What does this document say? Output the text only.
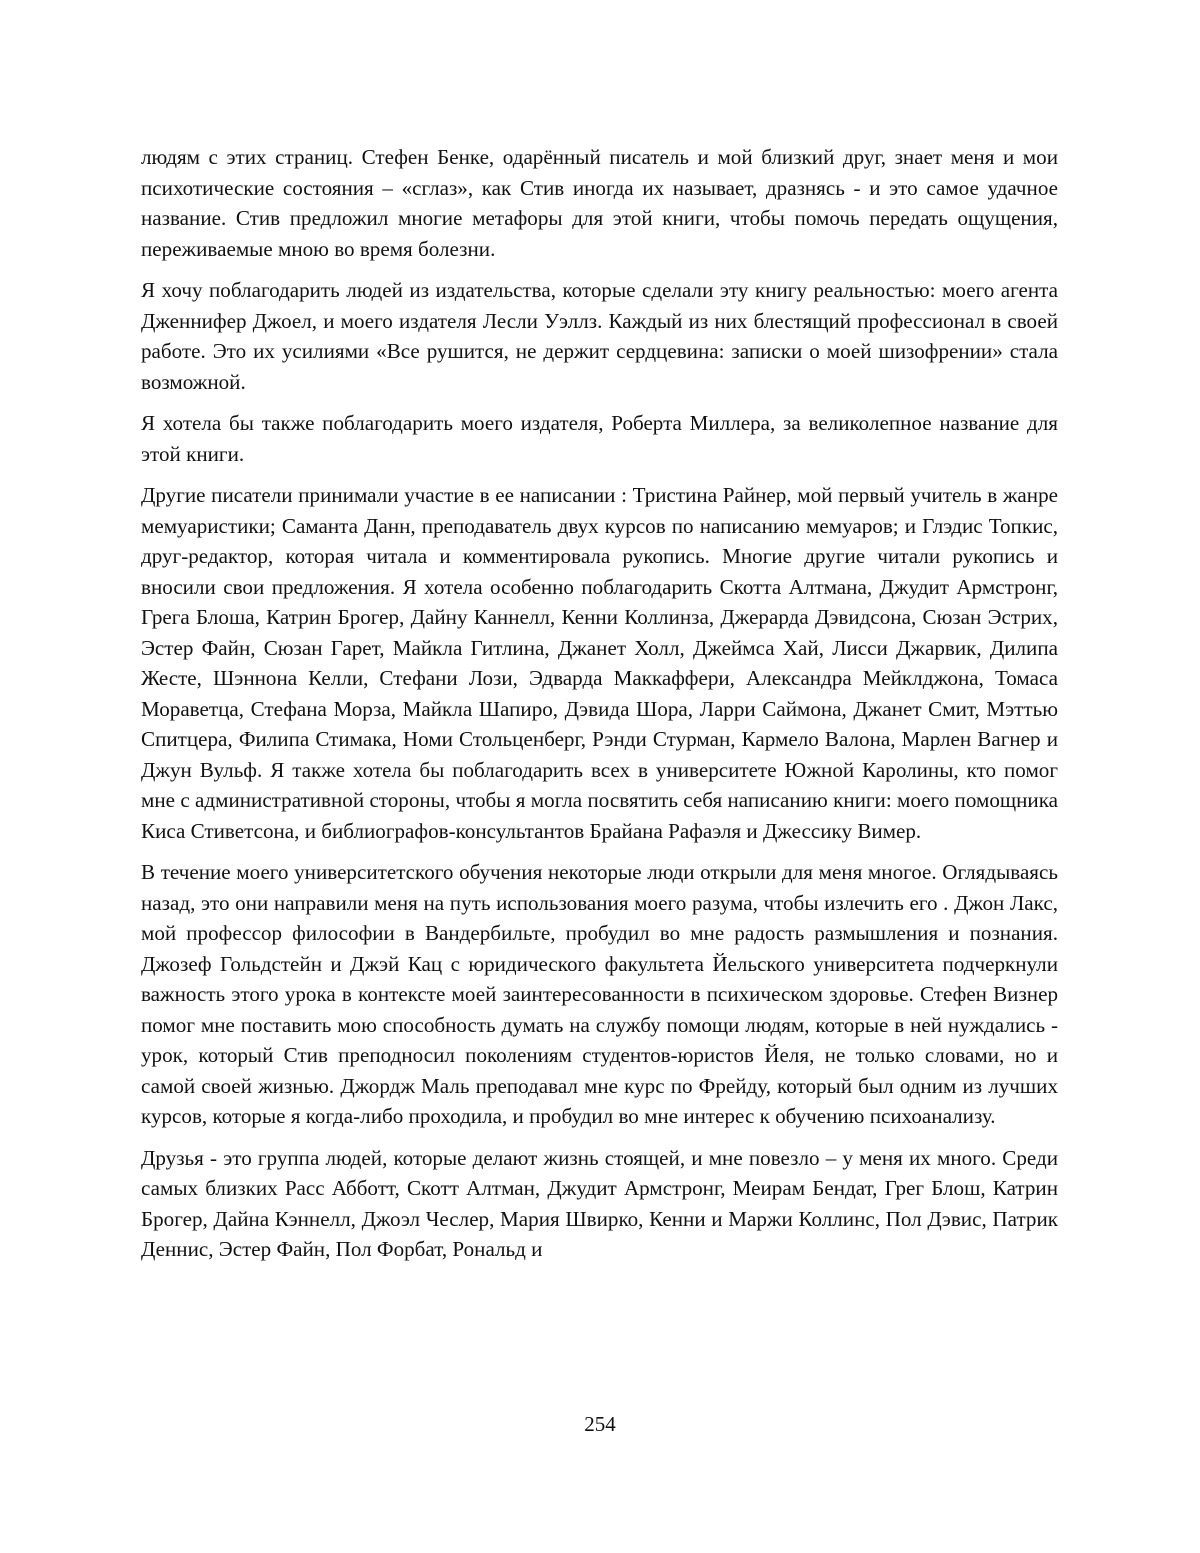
людям с этих страниц. Стефен Бенке, одарённый писатель и мой близкий друг, знает меня и мои психотические состояния – «сглаз», как Стив иногда их называет, дразнясь - и это самое удачное название. Стив предложил многие метафоры для этой книги, чтобы помочь передать ощущения, переживаемые мною во время болезни.

Я хочу поблагодарить людей из издательства, которые сделали эту книгу реальностью: моего агента Дженнифер Джоел, и моего издателя Лесли Уэллз. Каждый из них блестящий профессионал в своей работе. Это их усилиями «Все рушится, не держит сердцевина: записки о моей шизофрении» стала возможной.

Я хотела бы также поблагодарить моего издателя, Роберта Миллера, за великолепное название для этой книги.

Другие писатели принимали участие в ее написании : Тристина Райнер, мой первый учитель в жанре мемуаристики; Саманта Данн, преподаватель двух курсов по написанию мемуаров; и Глэдис Топкис, друг-редактор, которая читала и комментировала рукопись. Многие другие читали рукопись и вносили свои предложения. Я хотела особенно поблагодарить Скотта Алтмана, Джудит Армстронг, Грега Блоша, Катрин Брогер, Дайну Каннелл, Кенни Коллинза, Джерарда Дэвидсона, Сюзан Эстрих, Эстер Файн, Сюзан Гарет, Майкла Гитлина, Джанет Холл, Джеймса Хай, Лисси Джарвик, Дилипа Жесте, Шэннона Келли, Стефани Лози, Эдварда Маккаффери, Александра Мейклджона, Томаса Мораветца, Стефана Морза, Майкла Шапиро, Дэвида Шора, Ларри Саймона, Джанет Смит, Мэттью Спитцера, Филипа Стимака, Номи Стольценберг, Рэнди Стурман, Кармело Валона, Марлен Вагнер и Джун Вульф. Я также хотела бы поблагодарить всех в университете Южной Каролины, кто помог мне с административной стороны, чтобы я могла посвятить себя написанию книги: моего помощника Киса Стиветсона, и библиографов-консультантов Брайана Рафаэля и Джессику Вимер.

В течение моего университетского обучения некоторые люди открыли для меня многое. Оглядываясь назад, это они направили меня на путь использования моего разума, чтобы излечить его . Джон Лакс, мой профессор философии в Вандербильте, пробудил во мне радость размышления и познания. Джозеф Гольдстейн и Джэй Кац с юридического факультета Йельского университета подчеркнули важность этого урока в контексте моей заинтересованности в психическом здоровье. Стефен Визнер помог мне поставить мою способность думать на службу помощи людям, которые в ней нуждались - урок, который Стив преподносил поколениям студентов-юристов Йеля, не только словами, но и самой своей жизнью. Джордж Маль преподавал мне курс по Фрейду, который был одним из лучших курсов, которые я когда-либо проходила, и пробудил во мне интерес к обучению психоанализу.

Друзья - это группа людей, которые делают жизнь стоящей, и мне повезло – у меня их много. Среди самых близких Расс Абботт, Скотт Алтман, Джудит Армстронг, Меирам Бендат, Грег Блош, Катрин Брогер, Дайна Кэннелл, Джоэл Чеслер, Мария Швирко, Кенни и Маржи Коллинс, Пол Дэвис, Патрик Деннис, Эстер Файн, Пол Форбат, Рональд и

254
